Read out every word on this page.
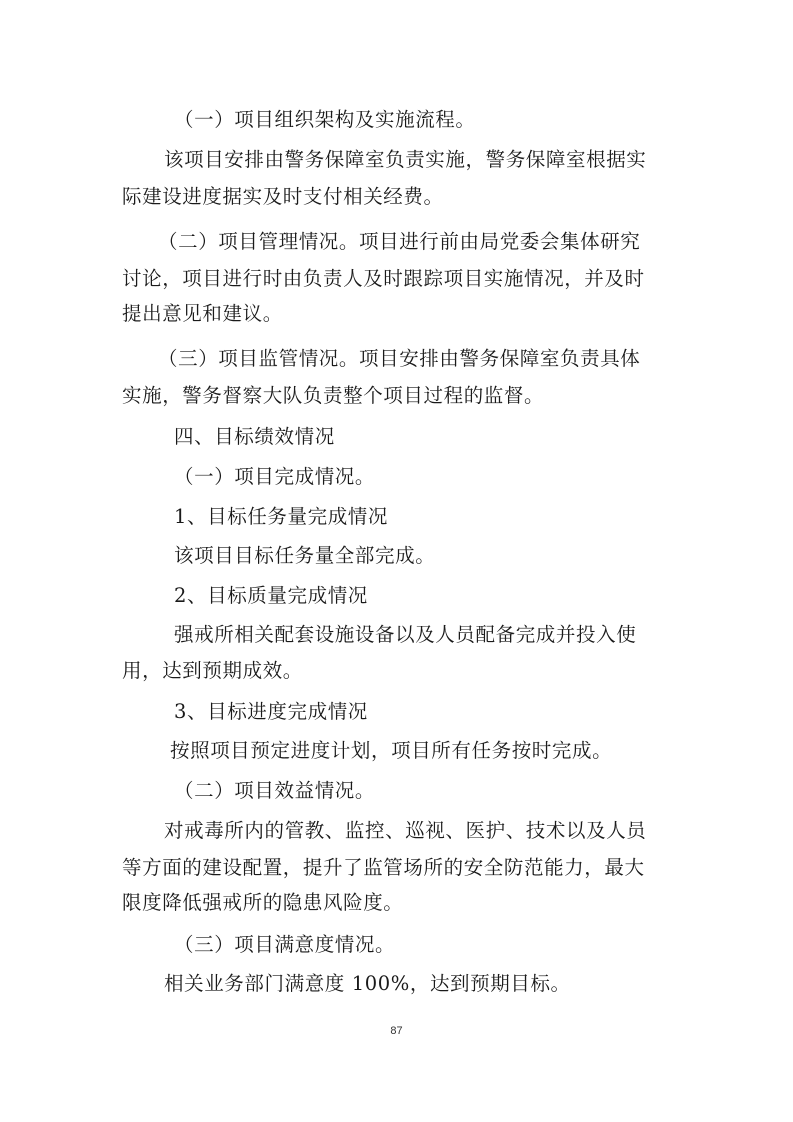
（一）项目组织架构及实施流程。
该项目安排由警务保障室负责实施，警务保障室根据实
际建设进度据实及时支付相关经费。
（二）项目管理情况。项目进行前由局党委会集体研究
讨论，项目进行时由负责人及时跟踪项目实施情况，并及时
提出意见和建议。
（三）项目监管情况。项目安排由警务保障室负责具体
实施，警务督察大队负责整个项目过程的监督。
四、目标绩效情况
（一）项目完成情况。
1、目标任务量完成情况
该项目目标任务量全部完成。
2、目标质量完成情况
强戒所相关配套设施设备以及人员配备完成并投入使
用，达到预期成效。
3、目标进度完成情况
按照项目预定进度计划，项目所有任务按时完成。
（二）项目效益情况。
对戒毒所内的管教、监控、巡视、医护、技术以及人员
等方面的建设配置，提升了监管场所的安全防范能力，最大
限度降低强戒所的隐患风险度。
（三）项目满意度情况。
相关业务部门满意度 100%，达到预期目标。
87
